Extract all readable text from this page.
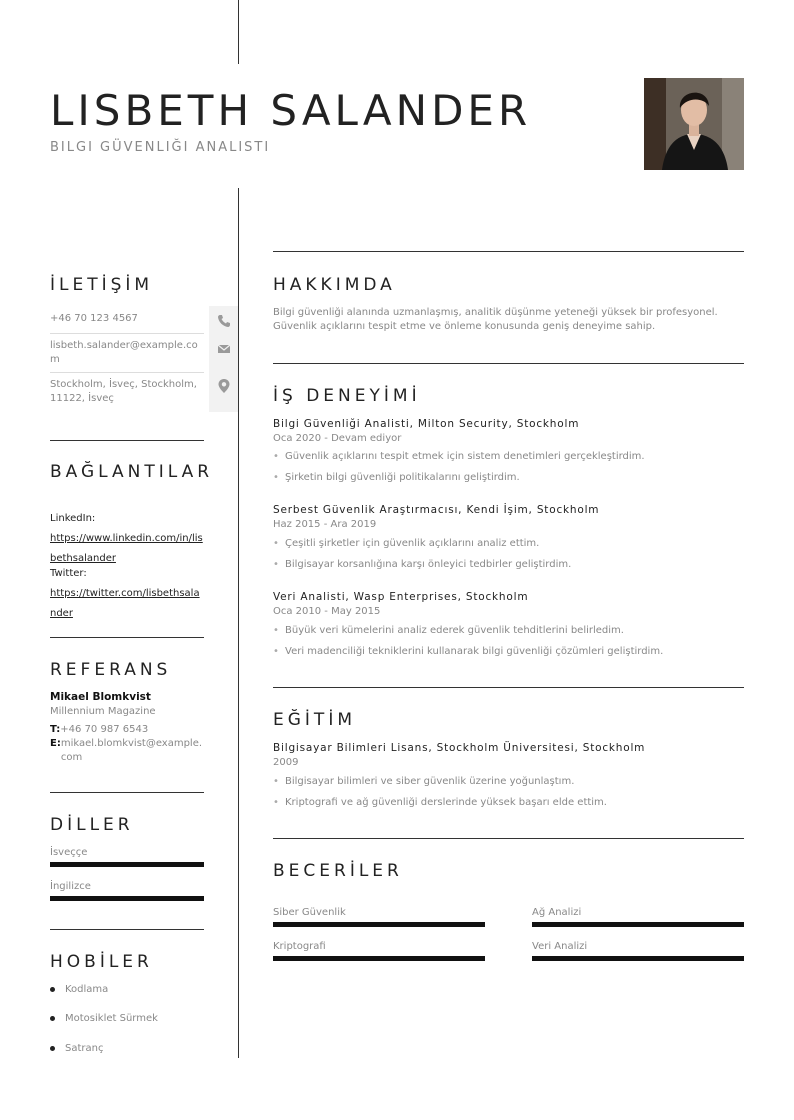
LISBETH SALANDER

BILGI GÜVENLIĞI ANALISTI

İLETİŞİM
+46 70 123 4567
lisbeth.salander@example.com
Stockholm, İsveç, Stockholm, 11122, İsveç
BAĞLANTILAR
LinkedIn:
https://www.linkedin.com/in/lisbethsalander
Twitter:
https://twitter.com/lisbethsalander
REFERANS
Mikael Blomkvist
Millennium Magazine
T:+46 70 987 6543
E: mikael.blomkvist@example.com
DİLLER
İsveççe
İngilizce
HOBİLER
Kodlama
Motosiklet Sürmek
Satranç
HAKKIMDA
Bilgi güvenliği alanında uzmanlaşmış, analitik düşünme yeteneği yüksek bir profesyonel. Güvenlik açıklarını tespit etme ve önleme konusunda geniş deneyime sahip.
İŞ DENEYİMİ
Bilgi Güvenliği Analisti, Milton Security, Stockholm
Oca 2020 - Devam ediyor
• Güvenlik açıklarını tespit etmek için sistem denetimleri gerçekleştirdim.
• Şirketin bilgi güvenliği politikalarını geliştirdim.
Serbest Güvenlik Araştırmacısı, Kendi İşim, Stockholm
Haz 2015 - Ara 2019
• Çeşitli şirketler için güvenlik açıklarını analiz ettim.
• Bilgisayar korsanlığına karşı önleyici tedbirler geliştirdim.
Veri Analisti, Wasp Enterprises, Stockholm
Oca 2010 - May 2015
• Büyük veri kümelerini analiz ederek güvenlik tehditlerini belirledim.
• Veri madenciliği tekniklerini kullanarak bilgi güvenliği çözümleri geliştirdim.
EĞİTİM
Bilgisayar Bilimleri Lisans, Stockholm Üniversitesi, Stockholm
2009
• Bilgisayar bilimleri ve siber güvenlik üzerine yoğunlaştım.
• Kriptografi ve ağ güvenliği derslerinde yüksek başarı elde ettim.
BECERİLER
Siber Güvenlik	Ağ Analizi
Kriptografi	Veri Analizi
